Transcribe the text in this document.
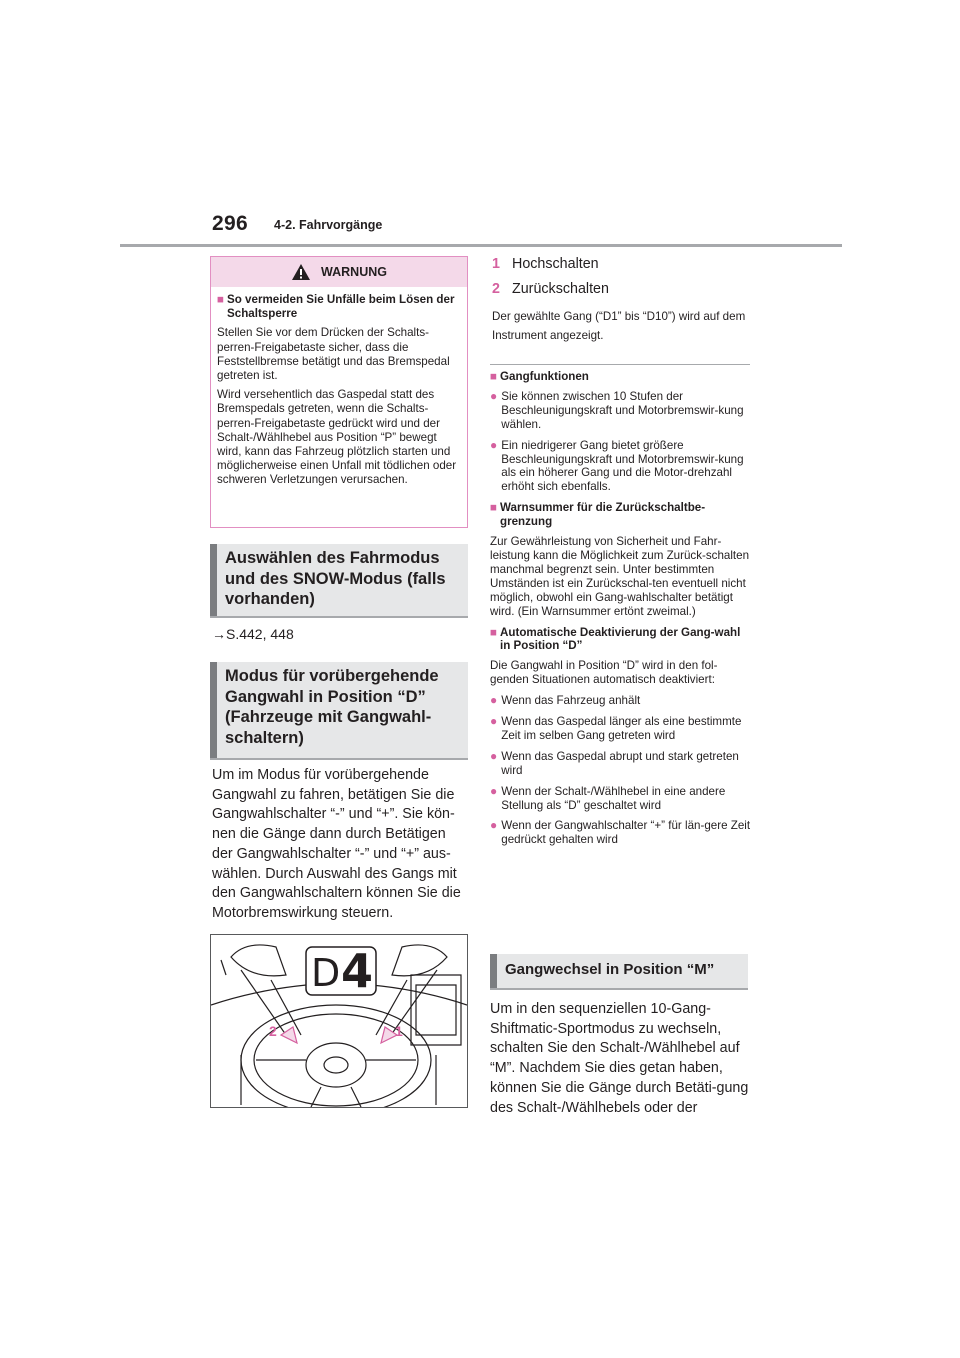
296 4-2. Fahrvorgänge
WARNUNG
■ So vermeiden Sie Unfälle beim Lösen der Schaltsperre

Stellen Sie vor dem Drücken der Schalts-perren-Freigabetaste sicher, dass die Feststellbremse betätigt und das Bremspedal getreten ist.

Wird versehentlich das Gaspedal statt des Bremspedals getreten, wenn die Schalts-perren-Freigabetaste gedrückt wird und der Schalt-/Wählhebel aus Position “P” bewegt wird, kann das Fahrzeug plötzlich starten und möglicherweise einen Unfall mit tödlichen oder schweren Verletzungen verursachen.

Auswählen des Fahrmodus und des SNOW-Modus (falls vorhanden)
→S.442, 448
Modus für vorübergehende Gangwahl in Position “D” (Fahrzeuge mit Gangwahl-schaltern)

Um im Modus für vorübergehende Gangwahl zu fahren, betätigen Sie die Gangwahlschalter “-” und “+”. Sie kön-nen die Gänge dann durch Betätigen der Gangwahlschalter “-” und “+” aus-wählen. Durch Auswahl des Gangs mit den Gangwahlschaltern können Sie die Motorbremswirkung steuern.

D 4
2	1
1 Hochschalten
2 Zurückschalten
Der gewählte Gang (“D1” bis “D10”) wird auf dem Instrument angezeigt.
■ Gangfunktionen
● Sie können zwischen 10 Stufen der Beschleunigungskraft und Motorbremswir-kung wählen.
● Ein niedrigerer Gang bietet größere Beschleunigungskraft und Motorbremswir-kung als ein höherer Gang und die Motor-drehzahl erhöht sich ebenfalls.
■ Warnsummer für die Zurückschaltbe-grenzung

Zur Gewährleistung von Sicherheit und Fahr-leistung kann die Möglichkeit zum Zurück-schalten manchmal begrenzt sein. Unter bestimmten Umständen ist ein Zurückschal-ten eventuell nicht möglich, obwohl ein Gang-wahlschalter betätigt wird. (Ein Warnsummer ertönt zweimal.)

■ Automatische Deaktivierung der Gang-wahl in Position “D”

Die Gangwahl in Position “D” wird in den fol-genden Situationen automatisch deaktiviert:

● Wenn das Fahrzeug anhält
● Wenn das Gaspedal länger als eine bestimmte Zeit im selben Gang getreten wird
● Wenn das Gaspedal abrupt und stark getreten wird
● Wenn der Schalt-/Wählhebel in eine andere Stellung als “D” geschaltet wird
● Wenn der Gangwahlschalter “+” für län-gere Zeit gedrückt gehalten wird
Gangwechsel in Position “M”

Um in den sequenziellen 10-Gang-Shiftmatic-Sportmodus zu wechseln, schalten Sie den Schalt-/Wählhebel auf “M”. Nachdem Sie dies getan haben, können Sie die Gänge durch Betäti-gung des Schalt-/Wählhebels oder der
